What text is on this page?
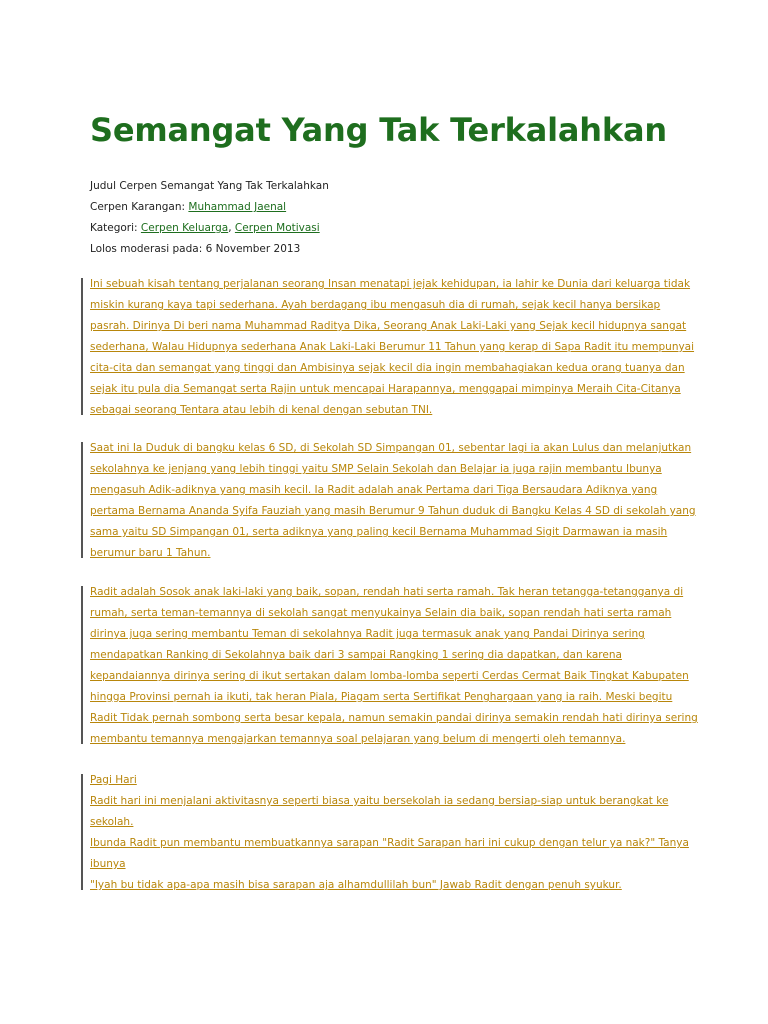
Semangat Yang Tak Terkalahkan
Judul Cerpen Semangat Yang Tak Terkalahkan
Cerpen Karangan: Muhammad Jaenal
Kategori: Cerpen Keluarga, Cerpen Motivasi
Lolos moderasi pada: 6 November 2013
Ini sebuah kisah tentang perjalanan seorang Insan menatapi jejak kehidupan, ia lahir ke Dunia dari keluarga tidak
miskin kurang kaya tapi sederhana. Ayah berdagang ibu mengasuh dia di rumah, sejak kecil hanya bersikap
pasrah. Dirinya Di beri nama Muhammad Raditya Dika, Seorang Anak Laki-Laki yang Sejak kecil hidupnya sangat
sederhana, Walau Hidupnya sederhana Anak Laki-Laki Berumur 11 Tahun yang kerap di Sapa Radit itu mempunyai
cita-cita dan semangat yang tinggi dan Ambisinya sejak kecil dia ingin membahagiakan kedua orang tuanya dan
sejak itu pula dia Semangat serta Rajin untuk mencapai Harapannya, menggapai mimpinya Meraih Cita-Citanya
sebagai seorang Tentara atau lebih di kenal dengan sebutan TNI.
Saat ini Ia Duduk di bangku kelas 6 SD, di Sekolah SD Simpangan 01, sebentar lagi ia akan Lulus dan melanjutkan
sekolahnya ke jenjang yang lebih tinggi yaitu SMP Selain Sekolah dan Belajar ia juga rajin membantu Ibunya
mengasuh Adik-adiknya yang masih kecil. Ia Radit adalah anak Pertama dari Tiga Bersaudara Adiknya yang
pertama Bernama Ananda Syifa Fauziah yang masih Berumur 9 Tahun duduk di Bangku Kelas 4 SD di sekolah yang
sama yaitu SD Simpangan 01, serta adiknya yang paling kecil Bernama Muhammad Sigit Darmawan ia masih
berumur baru 1 Tahun.
Radit adalah Sosok anak laki-laki yang baik, sopan, rendah hati serta ramah. Tak heran tetangga-tetangganya di
rumah, serta teman-temannya di sekolah sangat menyukainya Selain dia baik, sopan rendah hati serta ramah
dirinya juga sering membantu Teman di sekolahnya Radit juga termasuk anak yang Pandai Dirinya sering
mendapatkan Ranking di Sekolahnya baik dari 3 sampai Rangking 1 sering dia dapatkan, dan karena
kepandaiannya dirinya sering di ikut sertakan dalam lomba-lomba seperti Cerdas Cermat Baik Tingkat Kabupaten
hingga Provinsi pernah ia ikuti, tak heran Piala, Piagam serta Sertifikat Penghargaan yang ia raih. Meski begitu
Radit Tidak pernah sombong serta besar kepala, namun semakin pandai dirinya semakin rendah hati dirinya sering
membantu temannya mengajarkan temannya soal pelajaran yang belum di mengerti oleh temannya.
Pagi Hari
Radit hari ini menjalani aktivitasnya seperti biasa yaitu bersekolah ia sedang bersiap-siap untuk berangkat ke
sekolah.
Ibunda Radit pun membantu membuatkannya sarapan "Radit Sarapan hari ini cukup dengan telur ya nak?" Tanya
ibunya
"Iyah bu tidak apa-apa masih bisa sarapan aja alhamdullilah bun" Jawab Radit dengan penuh syukur.
